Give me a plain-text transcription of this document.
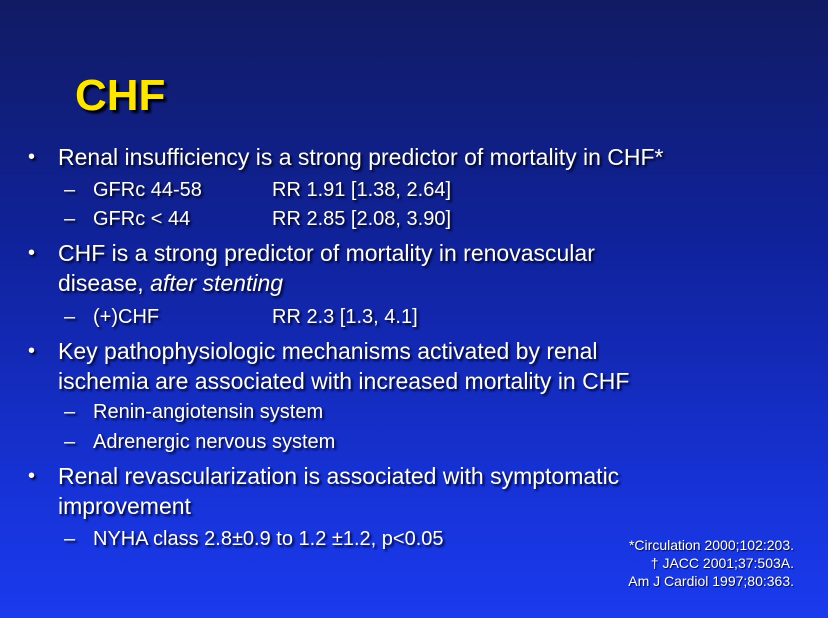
CHF
• Renal insufficiency is a strong predictor of mortality in CHF*
– GFRc 44-58	RR 1.91 [1.38, 2.64]
– GFRc < 44	RR 2.85 [2.08, 3.90]
• CHF is a strong predictor of mortality in renovascular
disease, after stenting
– (+)CHF	RR 2.3 [1.3, 4.1]
• Key pathophysiologic mechanisms activated by renal
ischemia are associated with increased mortality in CHF
– Renin-angiotensin system
– Adrenergic nervous system
• Renal revascularization is associated with symptomatic
improvement
– NYHA class 2.8±0.9 to 1.2 ±1.2, p<0.05	*Circulation 2000;102:203.
† JACC 2001;37:503A.
Am J Cardiol 1997;80:363.
